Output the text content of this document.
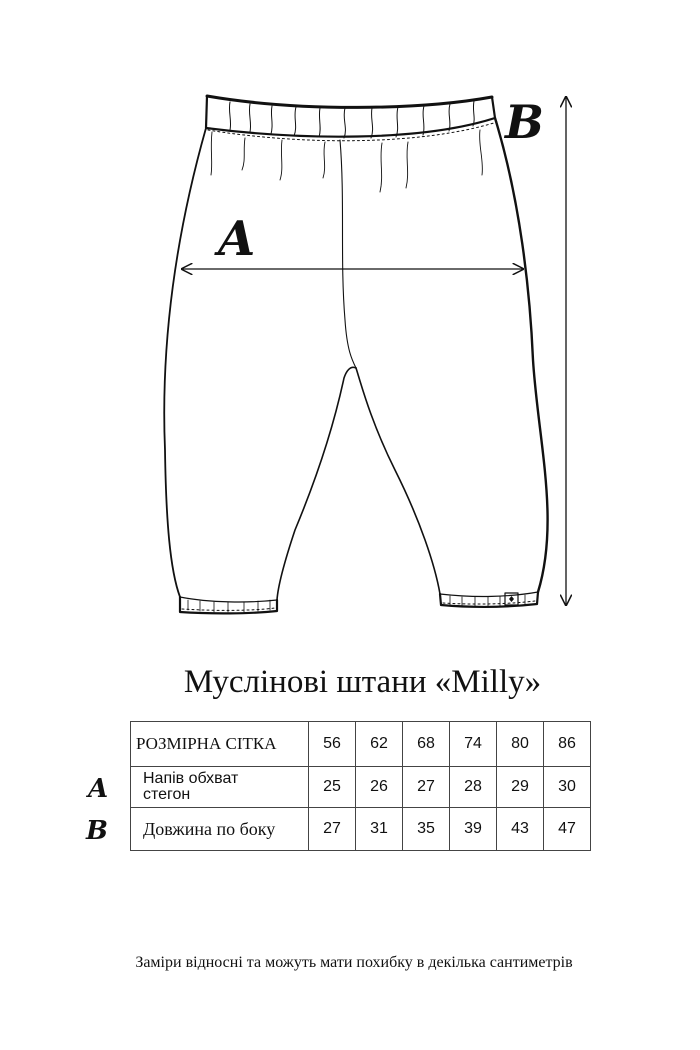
A
B
Муслінові штани «Milly»
РОЗМІРНА СІТКА	56	62	68	74	80	86
Напів обхват
стегон	25	26	27	28	29	30
Довжина по боку	27	31	35	39	43	47
A
B
Заміри відносні та можуть мати похибку в декілька сантиметрів
